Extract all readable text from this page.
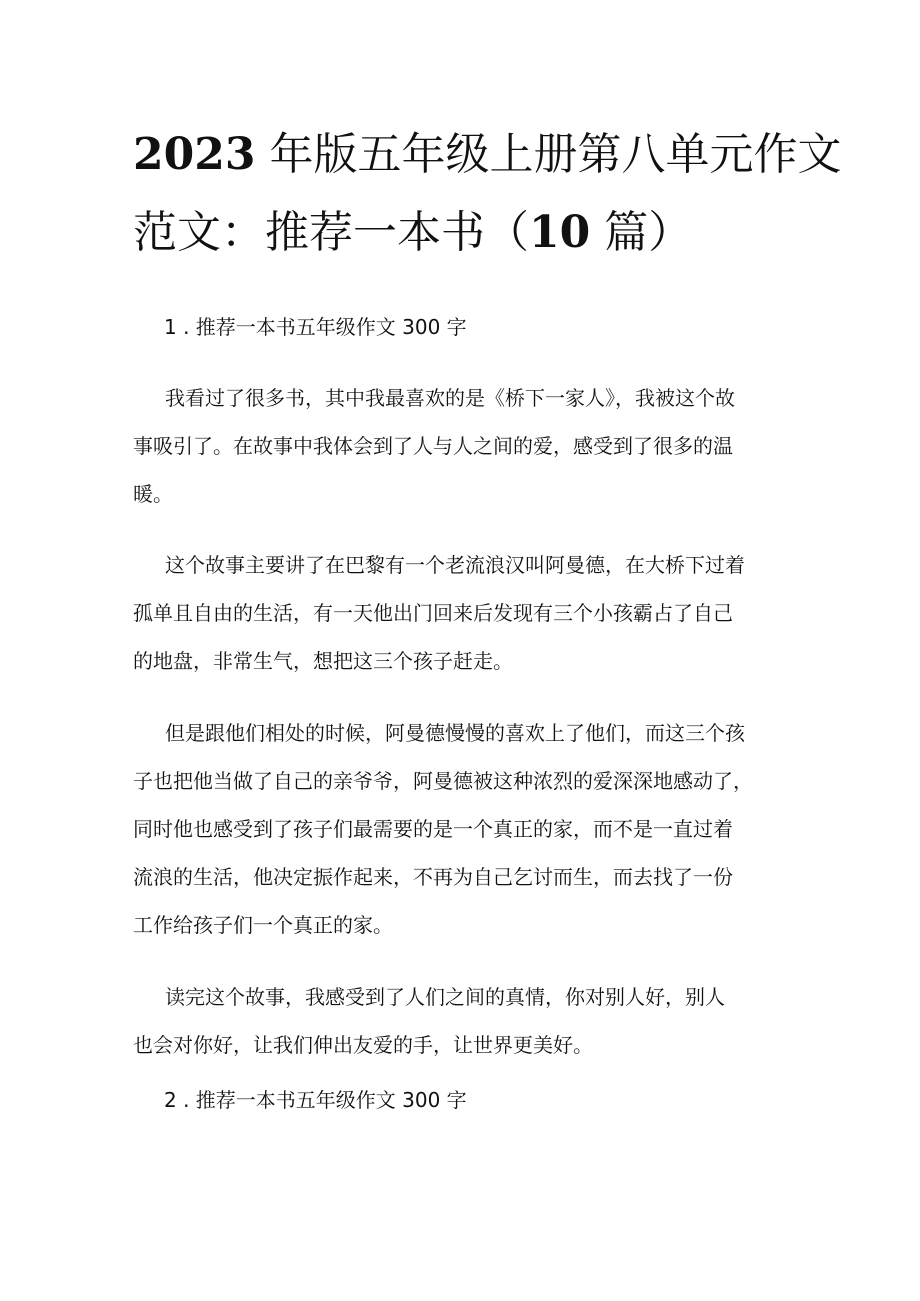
2023 年版五年级上册第八单元作文
范文：推荐一本书（10 篇）
1 . 推荐一本书五年级作文 300 字
我看过了很多书，其中我最喜欢的是《桥下一家人》，我被这个故
事吸引了。在故事中我体会到了人与人之间的爱，感受到了很多的温
暖。
这个故事主要讲了在巴黎有一个老流浪汉叫阿曼德，在大桥下过着
孤单且自由的生活，有一天他出门回来后发现有三个小孩霸占了自己
的地盘，非常生气，想把这三个孩子赶走。
但是跟他们相处的时候，阿曼德慢慢的喜欢上了他们，而这三个孩
子也把他当做了自己的亲爷爷，阿曼德被这种浓烈的爱深深地感动了，
同时他也感受到了孩子们最需要的是一个真正的家，而不是一直过着
流浪的生活，他决定振作起来，不再为自己乞讨而生，而去找了一份
工作给孩子们一个真正的家。
读完这个故事，我感受到了人们之间的真情，你对别人好，别人
也会对你好，让我们伸出友爱的手，让世界更美好。
2 . 推荐一本书五年级作文 300 字
